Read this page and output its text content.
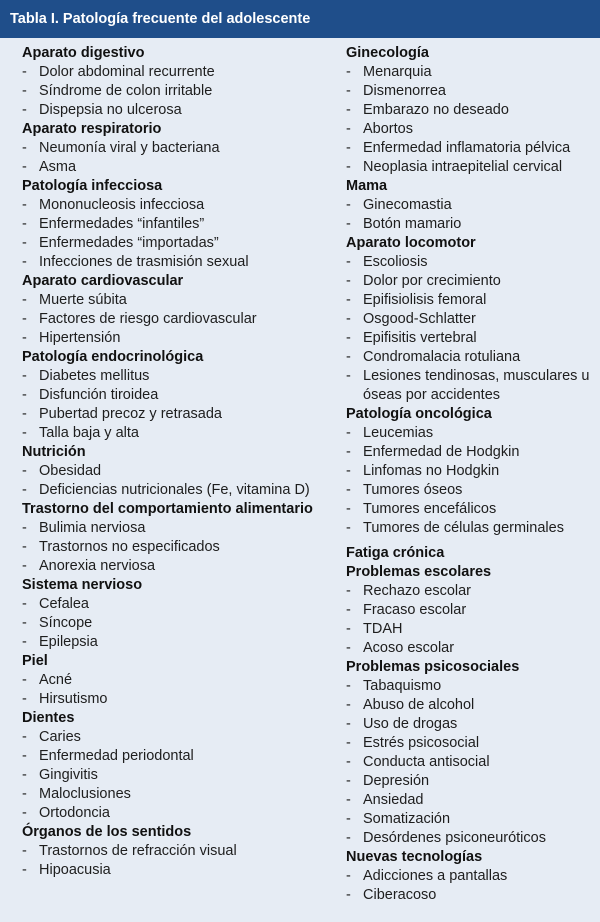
Tabla I. Patología frecuente del adolescente
Aparato digestivo
- Dolor abdominal recurrente
- Síndrome de colon irritable
- Dispepsia no ulcerosa
Aparato respiratorio
- Neumonía viral y bacteriana
- Asma
Patología infecciosa
- Mononucleosis infecciosa
- Enfermedades “infantiles”
- Enfermedades “importadas”
- Infecciones de trasmisión sexual
Aparato cardiovascular
- Muerte súbita
- Factores de riesgo cardiovascular
- Hipertensión
Patología endocrinológica
- Diabetes mellitus
- Disfunción tiroidea
- Pubertad precoz y retrasada
- Talla baja y alta
Nutrición
- Obesidad
- Deficiencias nutricionales (Fe, vitamina D)
Trastorno del comportamiento alimentario
- Bulimia nerviosa
- Trastornos no especificados
- Anorexia nerviosa
Sistema nervioso
- Cefalea
- Síncope
- Epilepsia
Piel
- Acné
- Hirsutismo
Dientes
- Caries
- Enfermedad periodontal
- Gingivitis
- Maloclusiones
- Ortodoncia
Órganos de los sentidos
- Trastornos de refracción visual
- Hipoacusia
Ginecología
- Menarquia
- Dismenorrea
- Embarazo no deseado
- Abortos
- Enfermedad inflamatoria pélvica
- Neoplasia intraepitelial cervical
Mama
- Ginecomastia
- Botón mamario
Aparato locomotor
- Escoliosis
- Dolor por crecimiento
- Epifisiolisis femoral
- Osgood-Schlatter
- Epifisitis vertebral
- Condromalacia rotuliana
- Lesiones tendinosas, musculares u óseas por accidentes
Patología oncológica
- Leucemias
- Enfermedad de Hodgkin
- Linfomas no Hodgkin
- Tumores óseos
- Tumores encefálicos
- Tumores de células germinales
Fatiga crónica
Problemas escolares
- Rechazo escolar
- Fracaso escolar
- TDAH
- Acoso escolar
Problemas psicosociales
- Tabaquismo
- Abuso de alcohol
- Uso de drogas
- Estrés psicosocial
- Conducta antisocial
- Depresión
- Ansiedad
- Somatización
- Desórdenes psiconeuróticos
Nuevas tecnologías
- Adicciones a pantallas
- Ciberacoso
